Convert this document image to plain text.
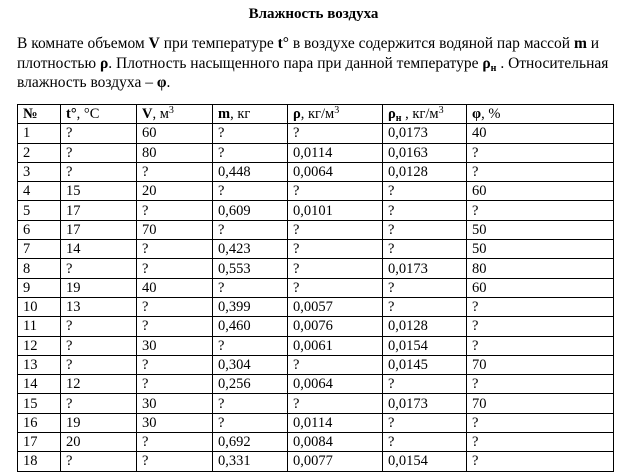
Влажность воздуха
В комнате объемом V при температуре t° в воздухе содержится водяной пар массой m и плотностью ρ. Плотность насыщенного пара при данной температуре $\rho_н$ . Относительная влажность воздуха – φ.
№	t°, °C	V, $м^3$	m, кг	ρ, $кг/м^3$	$\rho_н$ , $кг/м^3$	φ, %
1	?	60	?	?	0,0173	40
2	?	80	?	0,0114	0,0163	?
3	?	?	0,448	0,0064	0,0128	?
4	15	20	?	?	?	60
5	17	?	0,609	0,0101	?	?
6	17	70	?	?	?	50
7	14	?	0,423	?	?	50
8	?	?	0,553	?	0,0173	80
9	19	40	?	?	?	60
10	13	?	0,399	0,0057	?	?
11	?	?	0,460	0,0076	0,0128	?
12	?	30	?	0,0061	0,0154	?
13	?	?	0,304	?	0,0145	70
14	12	?	0,256	0,0064	?	?
15	?	30	?	?	0,0173	70
16	19	30	?	0,0114	?	?
17	20	?	0,692	0,0084	?	?
18	?	?	0,331	0,0077	0,0154	?
